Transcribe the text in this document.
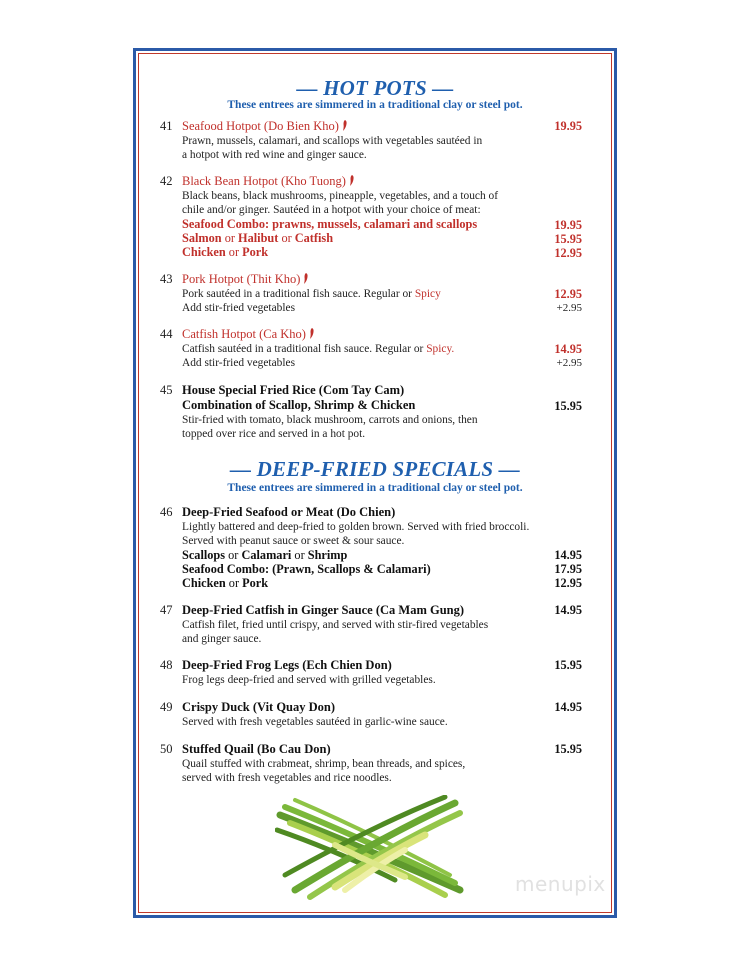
— HOT POTS —
These entrees are simmered in a traditional clay or steel pot.
41 Seafood Hotpot (Do Bien Kho)
Prawn, mussels, calamari, and scallops with vegetables sautéed in
a hotpot with red wine and ginger sauce.
19.95
42 Black Bean Hotpot (Kho Tuong)
Black beans, black mushrooms, pineapple, vegetables, and a touch of
chile and/or ginger. Sautéed in a hotpot with your choice of meat:
Seafood Combo: prawns, mussels, calamari and scallops
Salmon or Halibut or Catfish
Chicken or Pork
19.95
15.95
12.95
43 Pork Hotpot (Thit Kho)
Pork sautéed in a traditional fish sauce. Regular or Spicy
Add stir-fried vegetables
12.95
+2.95
44 Catfish Hotpot (Ca Kho)
Catfish sautéed in a traditional fish sauce. Regular or Spicy.
Add stir-fried vegetables
14.95
+2.95
45 House Special Fried Rice (Com Tay Cam)
Combination of Scallop, Shrimp & Chicken
Stir-fried with tomato, black mushroom, carrots and onions, then
topped over rice and served in a hot pot.
15.95
— DEEP-FRIED SPECIALS —
These entrees are simmered in a traditional clay or steel pot.
46 Deep-Fried Seafood or Meat (Do Chien)
Lightly battered and deep-fried to golden brown. Served with fried broccoli.
Served with peanut sauce or sweet & sour sauce.
Scallops or Calamari or Shrimp
Seafood Combo: (Prawn, Scallops & Calamari)
Chicken or Pork
14.95
17.95
12.95
47 Deep-Fried Catfish in Ginger Sauce (Ca Mam Gung)
Catfish filet, fried until crispy, and served with stir-fired vegetables
and ginger sauce.
14.95
48 Deep-Fried Frog Legs (Ech Chien Don)
Frog legs deep-fried and served with grilled vegetables.
15.95
49 Crispy Duck (Vit Quay Don)
Served with fresh vegetables sautéed in garlic-wine sauce.
14.95
50 Stuffed Quail (Bo Cau Don)
Quail stuffed with crabmeat, shrimp, bean threads, and spices,
served with fresh vegetables and rice noodles.
15.95
menupix
